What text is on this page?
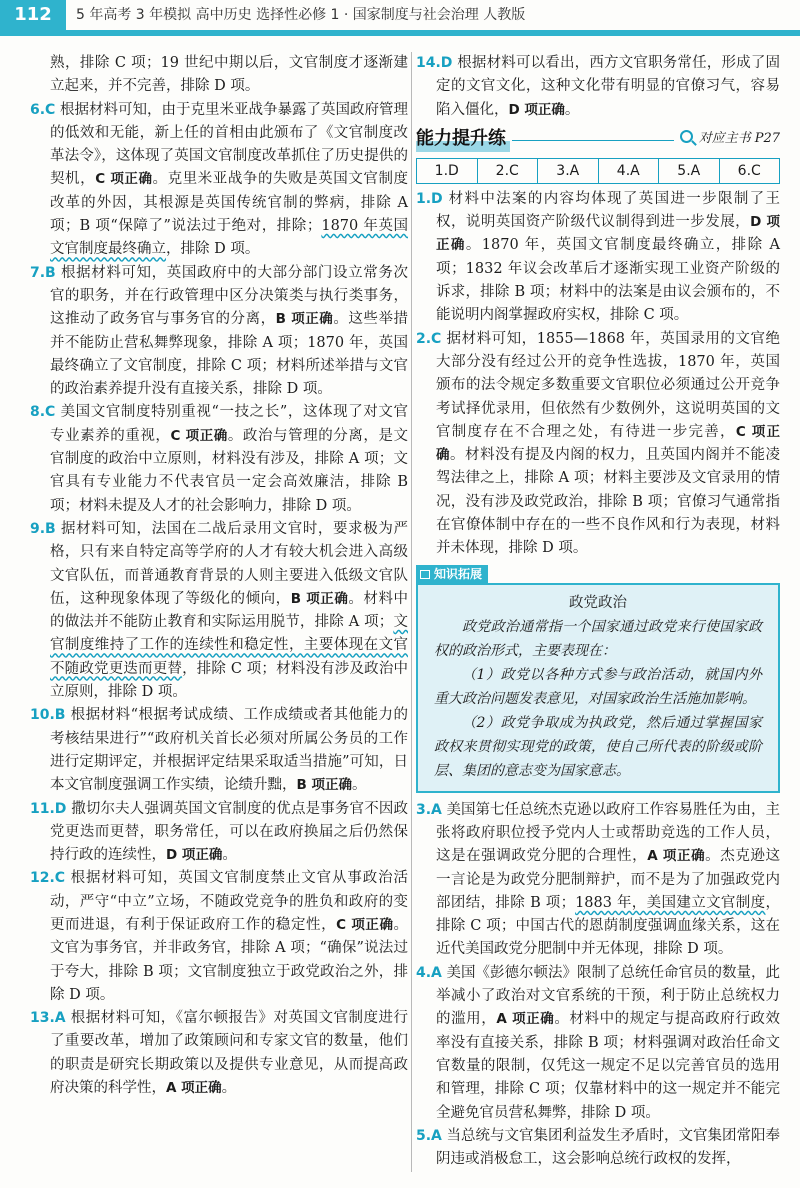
112	5 年高考 3 年模拟 高中历史 选择性必修 1 · 国家制度与社会治理 人教版

熟，排除 C 项；19 世纪中期以后，文官制度才逐渐建立起来，并不完善，排除 D 项。

6.C 根据材料可知，由于克里米亚战争暴露了英国政府管理的低效和无能，新上任的首相由此颁布了《文官制度改革法令》，这体现了英国文官制度改革抓住了历史提供的契机，C 项正确。克里米亚战争的失败是英国文官制度改革的外因，其根源是英国传统官制的弊病，排除 A 项；B 项“保障了”说法过于绝对，排除；1870 年英国文官制度最终确立，排除 D 项。

7.B 根据材料可知，英国政府中的大部分部门设立常务次官的职务，并在行政管理中区分决策类与执行类事务，这推动了政务官与事务官的分离，B 项正确。这些举措并不能防止营私舞弊现象，排除 A 项；1870 年，英国最终确立了文官制度，排除 C 项；材料所述举措与文官的政治素养提升没有直接关系，排除 D 项。

8.C 美国文官制度特别重视“一技之长”，这体现了对文官专业素养的重视，C 项正确。政治与管理的分离，是文官制度的政治中立原则，材料没有涉及，排除 A 项；文官具有专业能力不代表官员一定会高效廉洁，排除 B 项；材料未提及人才的社会影响力，排除 D 项。

9.B 据材料可知，法国在二战后录用文官时，要求极为严格，只有来自特定高等学府的人才有较大机会进入高级文官队伍，而普通教育背景的人则主要进入低级文官队伍，这种现象体现了等级化的倾向，B 项正确。材料中的做法并不能防止教育和实际运用脱节，排除 A 项；文官制度维持了工作的连续性和稳定性，主要体现在文官不随政党更迭而更替，排除 C 项；材料没有涉及政治中立原则，排除 D 项。

10.B 根据材料“根据考试成绩、工作成绩或者其他能力的考核结果进行”“政府机关首长必须对所属公务员的工作进行定期评定，并根据评定结果采取适当措施”可知，日本文官制度强调工作实绩，论绩升黜，B 项正确。

11.D 撒切尔夫人强调英国文官制度的优点是事务官不因政党更迭而更替，职务常任，可以在政府换届之后仍然保持行政的连续性，D 项正确。

12.C 根据材料可知，英国文官制度禁止文官从事政治活动，严守“中立”立场，不随政党竞争的胜负和政府的变更而进退，有利于保证政府工作的稳定性，C 项正确。文官为事务官，并非政务官，排除 A 项；“确保”说法过于夸大，排除 B 项；文官制度独立于政党政治之外，排除 D 项。

13.A 根据材料可知，《富尔顿报告》对英国文官制度进行了重要改革，增加了政策顾问和专家文官的数量，他们的职责是研究长期政策以及提供专业意见，从而提高政府决策的科学性，A 项正确。

14.D 根据材料可以看出，西方文官职务常任，形成了固定的文官文化，这种文化带有明显的官僚习气，容易陷入僵化，D 项正确。

能力提升练	对应主书 P27
1.D	2.C	3.A	4.A	5.A	6.C

1.D 材料中法案的内容均体现了英国进一步限制了王权，说明英国资产阶级代议制得到进一步发展，D 项正确。1870 年，英国文官制度最终确立，排除 A 项；1832 年议会改革后才逐渐实现工业资产阶级的诉求，排除 B 项；材料中的法案是由议会颁布的，不能说明内阁掌握政府实权，排除 C 项。

2.C 据材料可知，1855—1868 年，英国录用的文官绝大部分没有经过公开的竞争性选拔，1870 年，英国颁布的法令规定多数重要文官职位必须通过公开竞争考试择优录用，但依然有少数例外，这说明英国的文官制度存在不合理之处，有待进一步完善，C 项正确。材料没有提及内阁的权力，且英国内阁并不能凌驾法律之上，排除 A 项；材料主要涉及文官录用的情况，没有涉及政党政治，排除 B 项；官僚习气通常指在官僚体制中存在的一些不良作风和行为表现，材料并未体现，排除 D 项。

知识拓展

政党政治

政党政治通常指一个国家通过政党来行使国家政权的政治形式，主要表现在：

（1）政党以各种方式参与政治活动，就国内外重大政治问题发表意见，对国家政治生活施加影响。

（2）政党争取成为执政党，然后通过掌握国家政权来贯彻实现党的政策，使自己所代表的阶级或阶层、集团的意志变为国家意志。

3.A 美国第七任总统杰克逊以政府工作容易胜任为由，主张将政府职位授予党内人士或帮助竞选的工作人员，这是在强调政党分肥的合理性，A 项正确。杰克逊这一言论是为政党分肥制辩护，而不是为了加强政党内部团结，排除 B 项；1883 年，美国建立文官制度，排除 C 项；中国古代的恩荫制度强调血缘关系，这在近代美国政党分肥制中并无体现，排除 D 项。

4.A 美国《彭德尔顿法》限制了总统任命官员的数量，此举减小了政治对文官系统的干预，利于防止总统权力的滥用，A 项正确。材料中的规定与提高政府行政效率没有直接关系，排除 B 项；材料强调对政治任命文官数量的限制，仅凭这一规定不足以完善官员的选用和管理，排除 C 项；仅靠材料中的这一规定并不能完全避免官员营私舞弊，排除 D 项。

5.A 当总统与文官集团利益发生矛盾时，文官集团常阳奉阴违或消极怠工，这会影响总统行政权的发挥，
